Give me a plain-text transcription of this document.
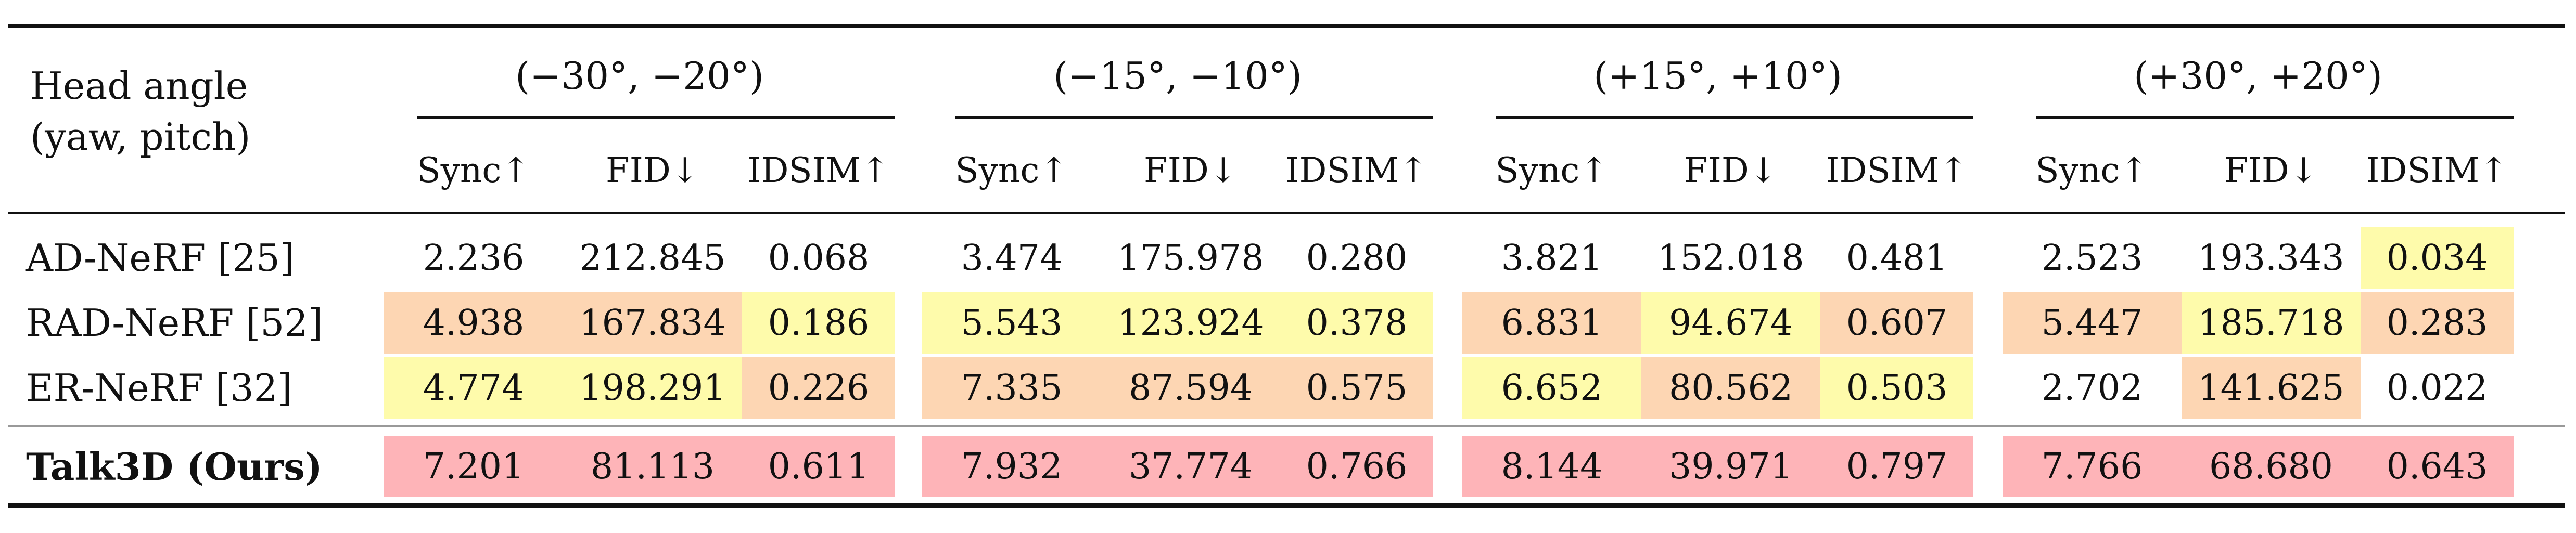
Head angle
(yaw, pitch)
(−30°, −20°)	(−15°, −10°)	(+15°, +10°)	(+30°, +20°)
Sync↑	FID↓	IDSIM↑	Sync↑	FID↓	IDSIM↑	Sync↑	FID↓	IDSIM↑	Sync↑	FID↓	IDSIM↑
AD-NeRF [25]	2.236	212.845	0.068	3.474	175.978	0.280	3.821	152.018	0.481	2.523	193.343	0.034
RAD-NeRF [52]	4.938	167.834	0.186	5.543	123.924	0.378	6.831	94.674	0.607	5.447	185.718	0.283
ER-NeRF [32]	4.774	198.291	0.226	7.335	87.594	0.575	6.652	80.562	0.503	2.702	141.625	0.022
Talk3D (Ours)	7.201	81.113	0.611	7.932	37.774	0.766	8.144	39.971	0.797	7.766	68.680	0.643
